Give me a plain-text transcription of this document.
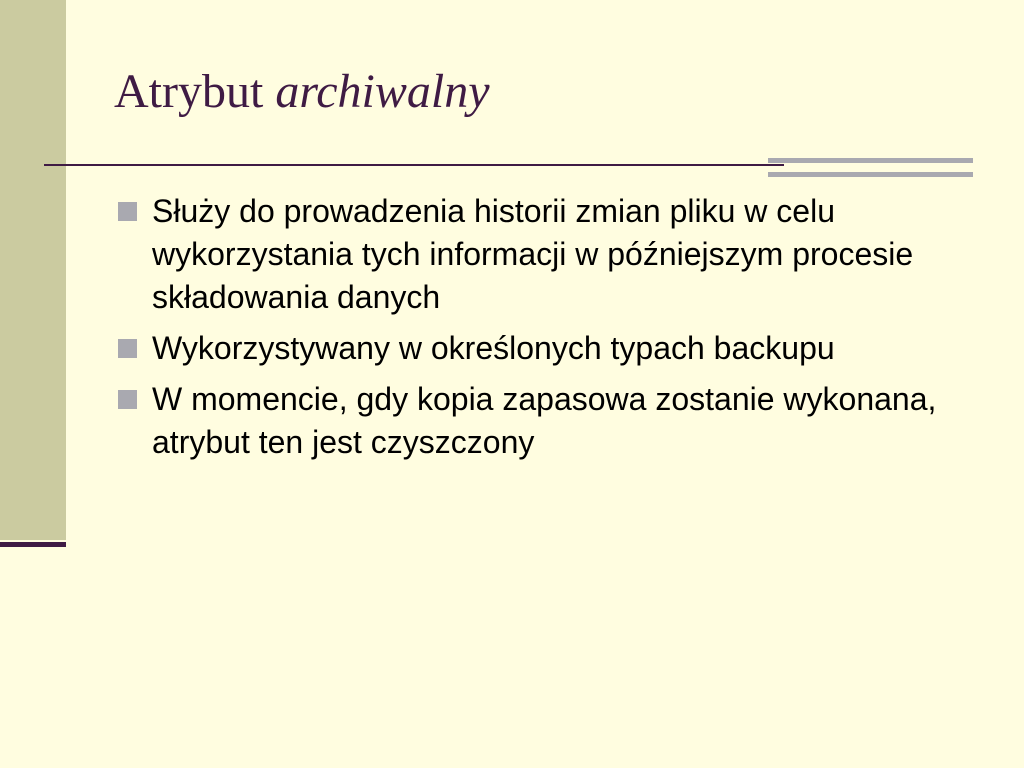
Atrybut archiwalny
Służy do prowadzenia historii zmian pliku w celu wykorzystania tych informacji w późniejszym procesie składowania danych
Wykorzystywany w określonych typach backupu
W momencie, gdy kopia zapasowa zostanie wykonana, atrybut ten jest czyszczony
